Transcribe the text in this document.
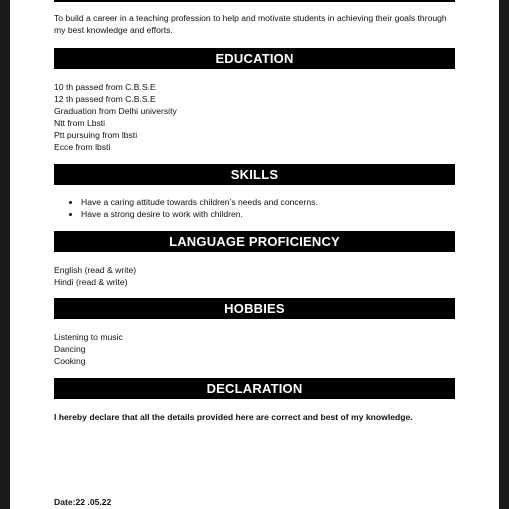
To build a career in a teaching profession to help and motivate students in achieving their goals through my best knowledge and efforts.
EDUCATION
10 th passed from C.B.S.E
12 th passed from C.B.S.E
Graduation from Delhi university
Ntt from Lbsti
Ptt pursuing from lbsti
Ecce from lbsti
SKILLS
• Have a caring attitude towards children’s needs and concerns.
• Have a strong desire to work with children.
LANGUAGE PROFICIENCY
English (read & write)
Hindi (read & write)
HOBBIES
Listening to music
Dancing
Cooking
DECLARATION
I hereby declare that all the details provided here are correct and best of my knowledge.
Date:22 .05.22
